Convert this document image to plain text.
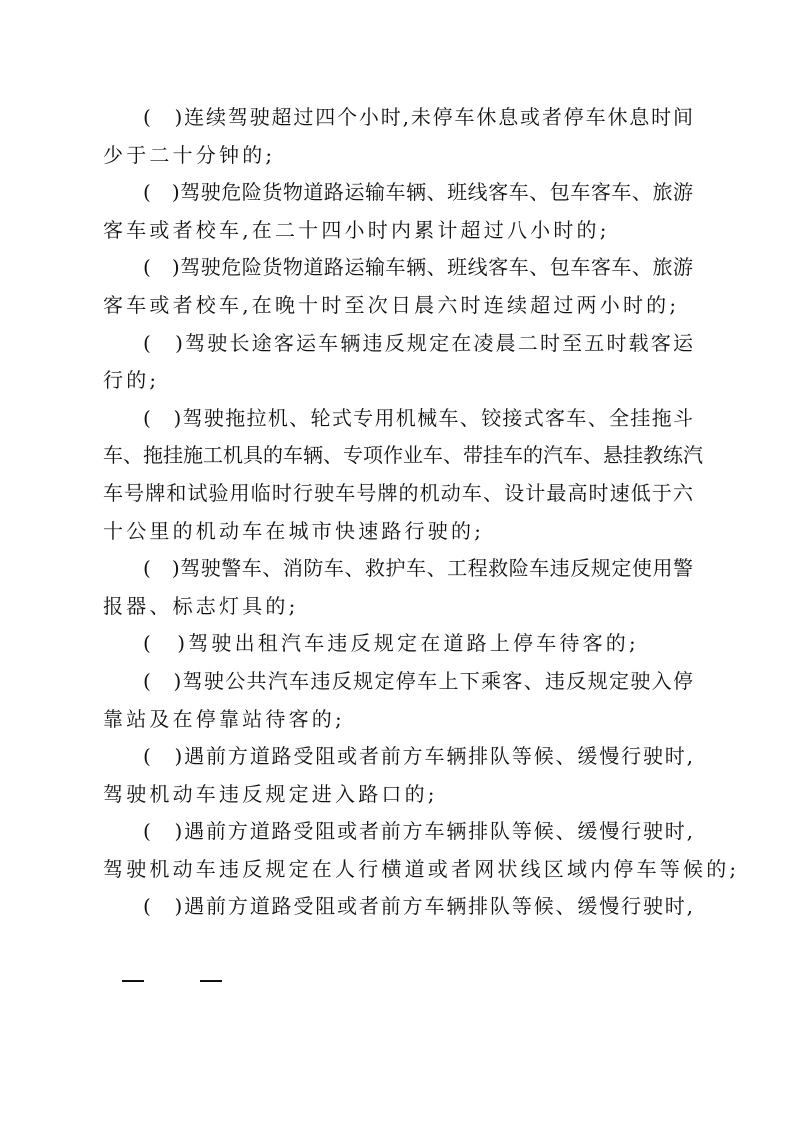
(　)连续驾驶超过四个小时,未停车休息或者停车休息时间
少于二十分钟的;
(　)驾驶危险货物道路运输车辆、班线客车、包车客车、旅游
客车或者校车,在二十四小时内累计超过八小时的;
(　)驾驶危险货物道路运输车辆、班线客车、包车客车、旅游
客车或者校车,在晚十时至次日晨六时连续超过两小时的;
(　)驾驶长途客运车辆违反规定在凌晨二时至五时载客运
行的;
(　)驾驶拖拉机、轮式专用机械车、铰接式客车、全挂拖斗
车、拖挂施工机具的车辆、专项作业车、带挂车的汽车、悬挂教练汽
车号牌和试验用临时行驶车号牌的机动车、设计最高时速低于六
十公里的机动车在城市快速路行驶的;
(　)驾驶警车、消防车、救护车、工程救险车违反规定使用警
报器、标志灯具的;
(　)驾驶出租汽车违反规定在道路上停车待客的;
(　)驾驶公共汽车违反规定停车上下乘客、违反规定驶入停
靠站及在停靠站待客的;
(　)遇前方道路受阻或者前方车辆排队等候、缓慢行驶时,
驾驶机动车违反规定进入路口的;
(　)遇前方道路受阻或者前方车辆排队等候、缓慢行驶时,
驾驶机动车违反规定在人行横道或者网状线区域内停车等候的;
(　)遇前方道路受阻或者前方车辆排队等候、缓慢行驶时,
